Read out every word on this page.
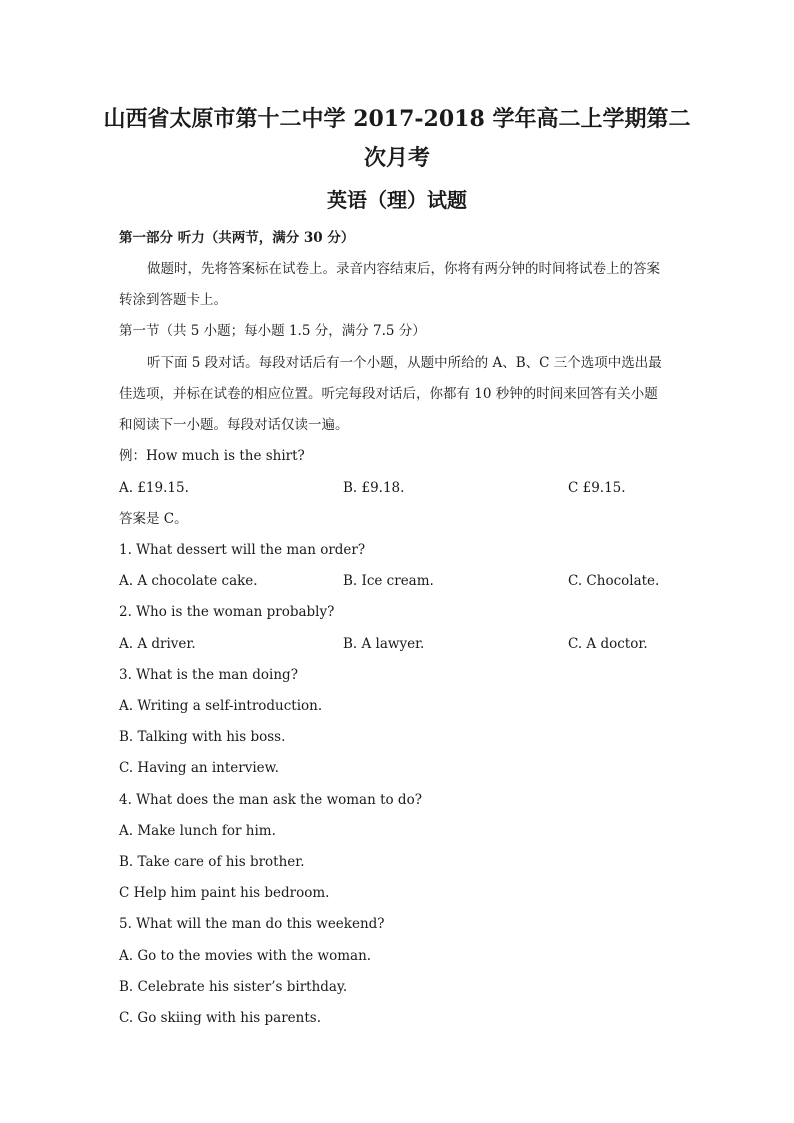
山西省太原市第十二中学 2017-2018 学年高二上学期第二
次月考
英语（理）试题
第一部分 听力（共两节，满分 30 分）
做题时，先将答案标在试卷上。录音内容结束后，你将有两分钟的时间将试卷上的答案
转涂到答题卡上。
第一节（共 5 小题；每小题 1.5 分，满分 7.5 分）
听下面 5 段对话。每段对话后有一个小题，从题中所给的 A、B、C 三个选项中选出最
佳选项，并标在试卷的相应位置。听完每段对话后，你都有 10 秒钟的时间来回答有关小题
和阅读下一小题。每段对话仅读一遍。
例：How much is the shirt?
A. £19.15.	B. £9.18.	C £9.15.
答案是 C。
1. What dessert will the man order?
A. A chocolate cake.	B. Ice cream.	C. Chocolate.
2. Who is the woman probably?
A. A driver.	B. A lawyer.	C. A doctor.
3. What is the man doing?
A. Writing a self-introduction.
B. Talking with his boss.
C. Having an interview.
4. What does the man ask the woman to do?
A. Make lunch for him.
B. Take care of his brother.
C Help him paint his bedroom.
5. What will the man do this weekend?
A. Go to the movies with the woman.
B. Celebrate his sister’s birthday.
C. Go skiing with his parents.
